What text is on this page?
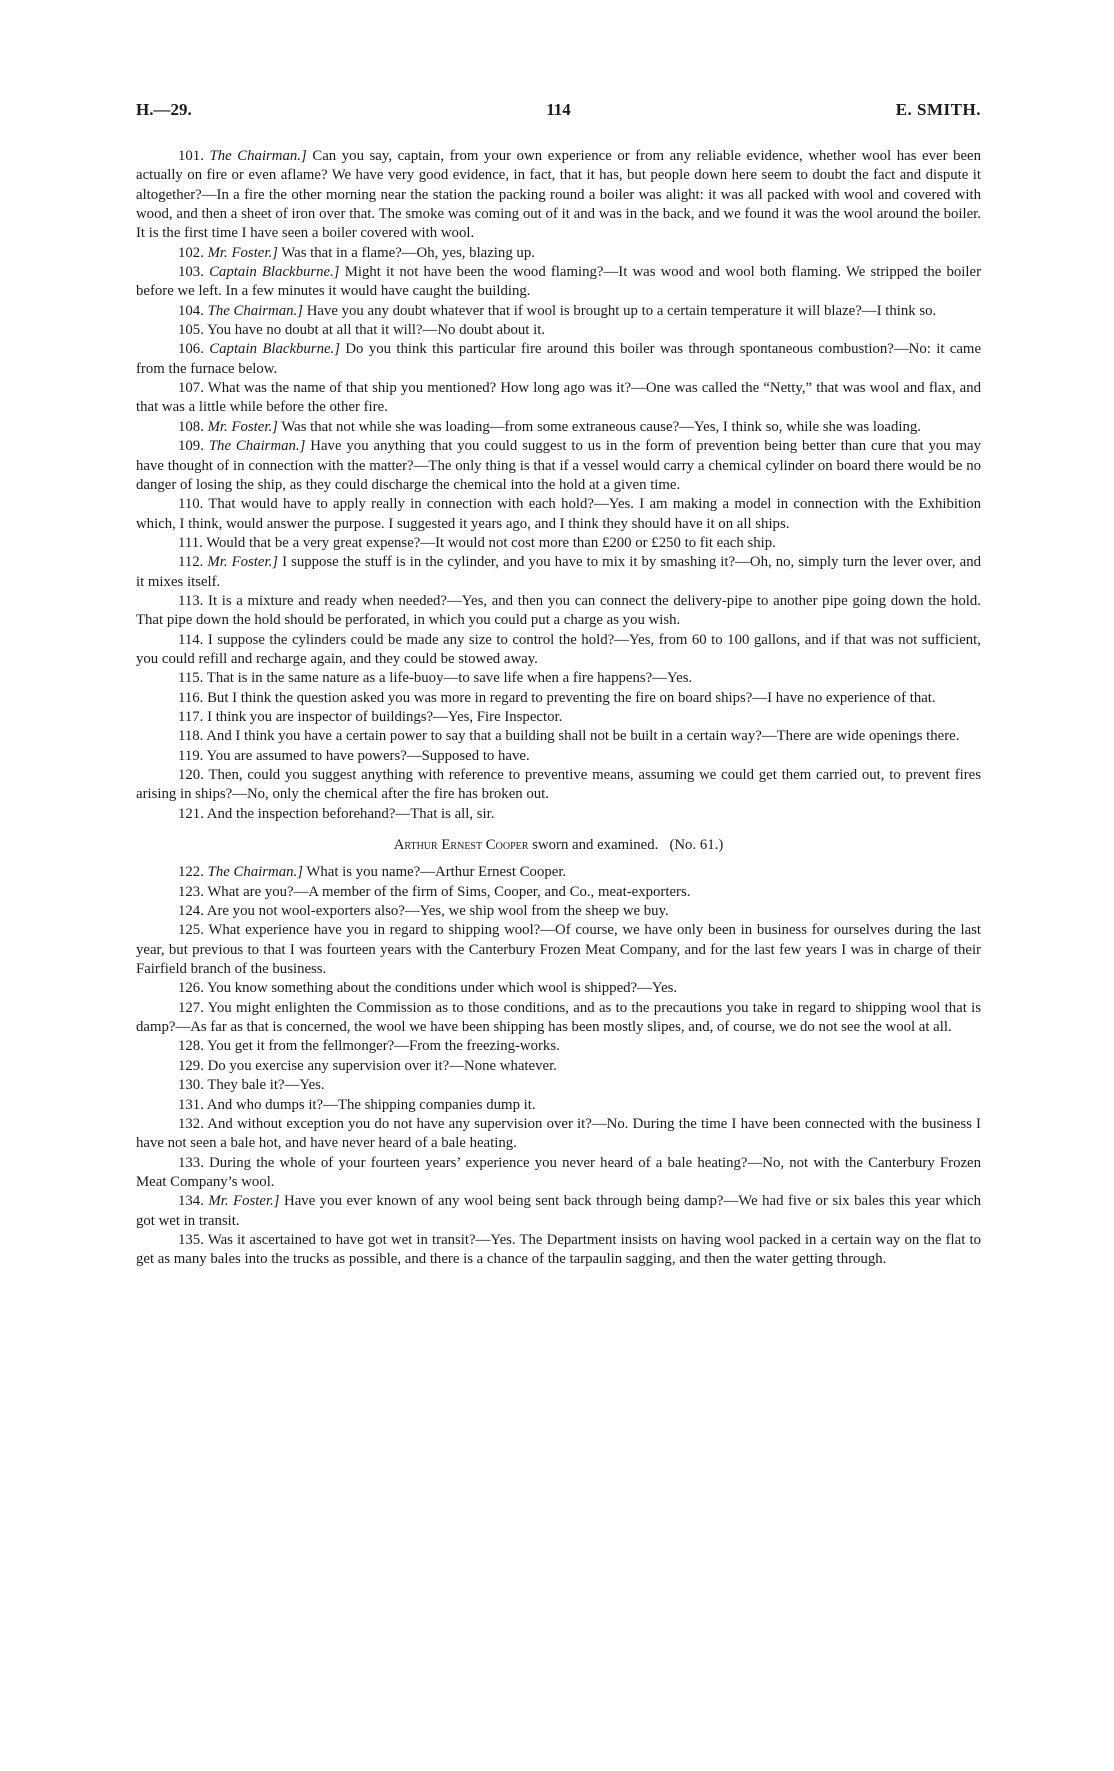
H.—29.	114	E. SMITH.

101. The Chairman.] Can you say, captain, from your own experience or from any reliable evidence, whether wool has ever been actually on fire or even aflame? We have very good evidence, in fact, that it has, but people down here seem to doubt the fact and dispute it altogether?—In a fire the other morning near the station the packing round a boiler was alight: it was all packed with wool and covered with wood, and then a sheet of iron over that. The smoke was coming out of it and was in the back, and we found it was the wool around the boiler. It is the first time I have seen a boiler covered with wool.

102. Mr. Foster.] Was that in a flame?—Oh, yes, blazing up.

103. Captain Blackburne.] Might it not have been the wood flaming?—It was wood and wool both flaming. We stripped the boiler before we left. In a few minutes it would have caught the building.

104. The Chairman.] Have you any doubt whatever that if wool is brought up to a certain temperature it will blaze?—I think so.

105. You have no doubt at all that it will?—No doubt about it.

106. Captain Blackburne.] Do you think this particular fire around this boiler was through spontaneous combustion?—No: it came from the furnace below.

107. What was the name of that ship you mentioned? How long ago was it?—One was called the “Netty,” that was wool and flax, and that was a little while before the other fire.

108. Mr. Foster.] Was that not while she was loading—from some extraneous cause?—Yes, I think so, while she was loading.

109. The Chairman.] Have you anything that you could suggest to us in the form of prevention being better than cure that you may have thought of in connection with the matter?—The only thing is that if a vessel would carry a chemical cylinder on board there would be no danger of losing the ship, as they could discharge the chemical into the hold at a given time.

110. That would have to apply really in connection with each hold?—Yes. I am making a model in connection with the Exhibition which, I think, would answer the purpose. I suggested it years ago, and I think they should have it on all ships.

111. Would that be a very great expense?—It would not cost more than £200 or £250 to fit each ship.

112. Mr. Foster.] I suppose the stuff is in the cylinder, and you have to mix it by smashing it?—Oh, no, simply turn the lever over, and it mixes itself.

113. It is a mixture and ready when needed?—Yes, and then you can connect the delivery-pipe to another pipe going down the hold. That pipe down the hold should be perforated, in which you could put a charge as you wish.

114. I suppose the cylinders could be made any size to control the hold?—Yes, from 60 to 100 gallons, and if that was not sufficient, you could refill and recharge again, and they could be stowed away.

115. That is in the same nature as a life-buoy—to save life when a fire happens?—Yes.

116. But I think the question asked you was more in regard to preventing the fire on board ships?—I have no experience of that.

117. I think you are inspector of buildings?—Yes, Fire Inspector.

118. And I think you have a certain power to say that a building shall not be built in a certain way?—There are wide openings there.

119. You are assumed to have powers?—Supposed to have.

120. Then, could you suggest anything with reference to preventive means, assuming we could get them carried out, to prevent fires arising in ships?—No, only the chemical after the fire has broken out.

121. And the inspection beforehand?—That is all, sir.

Arthur Ernest Cooper sworn and examined. (No. 61.)

122. The Chairman.] What is you name?—Arthur Ernest Cooper.

123. What are you?—A member of the firm of Sims, Cooper, and Co., meat-exporters.

124. Are you not wool-exporters also?—Yes, we ship wool from the sheep we buy.

125. What experience have you in regard to shipping wool?—Of course, we have only been in business for ourselves during the last year, but previous to that I was fourteen years with the Canterbury Frozen Meat Company, and for the last few years I was in charge of their Fairfield branch of the business.

126. You know something about the conditions under which wool is shipped?—Yes.

127. You might enlighten the Commission as to those conditions, and as to the precautions you take in regard to shipping wool that is damp?—As far as that is concerned, the wool we have been shipping has been mostly slipes, and, of course, we do not see the wool at all.

128. You get it from the fellmonger?—From the freezing-works.

129. Do you exercise any supervision over it?—None whatever.

130. They bale it?—Yes.

131. And who dumps it?—The shipping companies dump it.

132. And without exception you do not have any supervision over it?—No. During the time I have been connected with the business I have not seen a bale hot, and have never heard of a bale heating.

133. During the whole of your fourteen years’ experience you never heard of a bale heating?—No, not with the Canterbury Frozen Meat Company’s wool.

134. Mr. Foster.] Have you ever known of any wool being sent back through being damp?—We had five or six bales this year which got wet in transit.

135. Was it ascertained to have got wet in transit?—Yes. The Department insists on having wool packed in a certain way on the flat to get as many bales into the trucks as possible, and there is a chance of the tarpaulin sagging, and then the water getting through.
